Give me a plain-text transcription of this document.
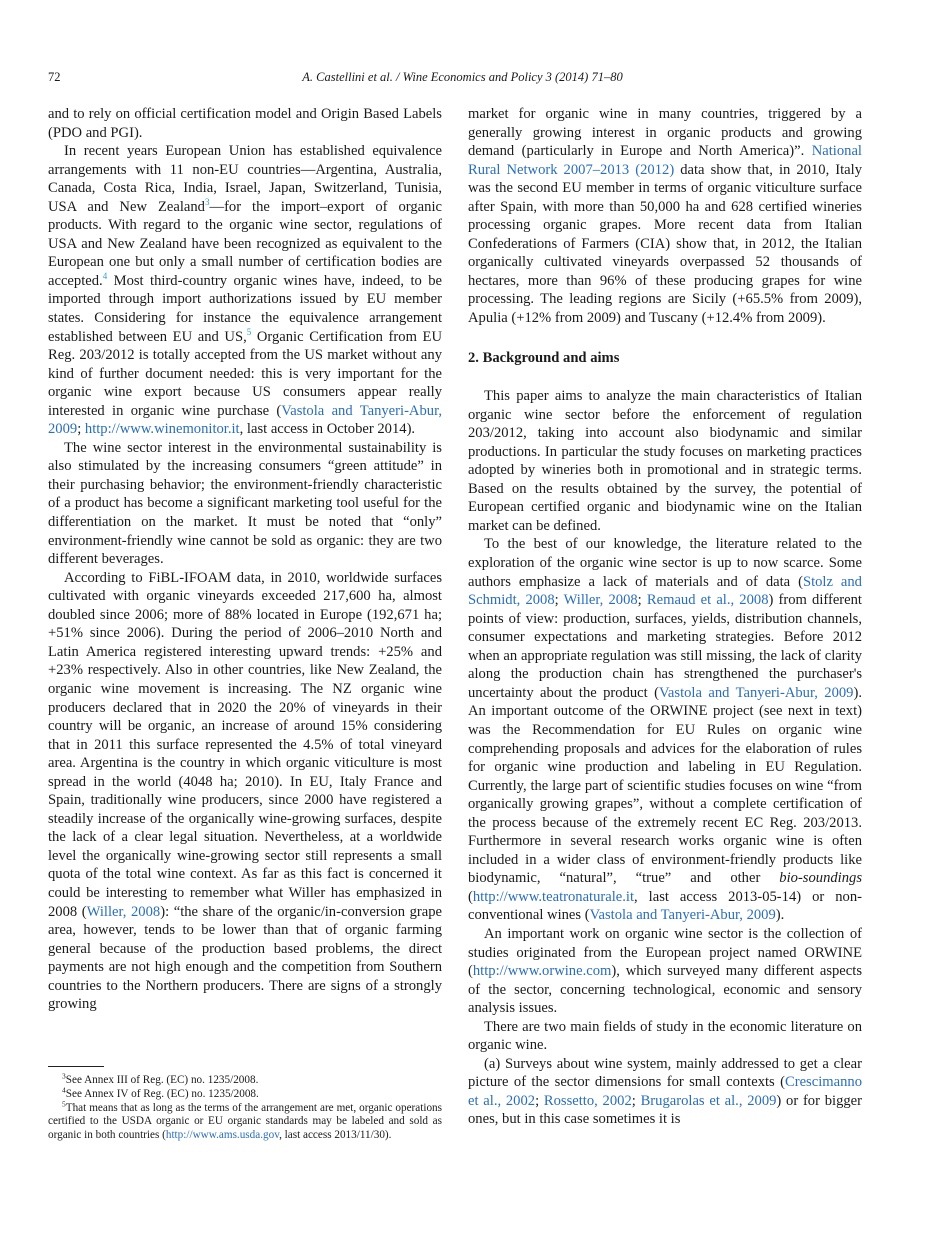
72	A. Castellini et al. / Wine Economics and Policy 3 (2014) 71–80

and to rely on official certification model and Origin Based Labels (PDO and PGI).

In recent years European Union has established equivalence arrangements with 11 non-EU countries—Argentina, Australia, Canada, Costa Rica, India, Israel, Japan, Switzerland, Tunisia, USA and New Zealand$^3$—for the import–export of organic products. With regard to the organic wine sector, regulations of USA and New Zealand have been recognized as equivalent to the European one but only a small number of certification bodies are accepted.$^4$ Most third-country organic wines have, indeed, to be imported through import authorizations issued by EU member states. Considering for instance the equivalence arrangement established between EU and US,$^5$ Organic Certification from EU Reg. 203/2012 is totally accepted from the US market without any kind of further document needed: this is very important for the organic wine export because US consumers appear really interested in organic wine purchase (Vastola and Tanyeri-Abur, 2009; http://www.winemonitor.it, last access in October 2014).

The wine sector interest in the environmental sustainability is also stimulated by the increasing consumers “green attitude” in their purchasing behavior; the environment-friendly characteristic of a product has become a significant marketing tool useful for the differentiation on the market. It must be noted that “only” environment-friendly wine cannot be sold as organic: they are two different beverages.

According to FiBL-IFOAM data, in 2010, worldwide surfaces cultivated with organic vineyards exceeded 217,600 ha, almost doubled since 2006; more of 88% located in Europe (192,671 ha; +51% since 2006). During the period of 2006–2010 North and Latin America registered interesting upward trends: +25% and +23% respectively. Also in other countries, like New Zealand, the organic wine movement is increasing. The NZ organic wine producers declared that in 2020 the 20% of vineyards in their country will be organic, an increase of around 15% considering that in 2011 this surface represented the 4.5% of total vineyard area. Argentina is the country in which organic viticulture is most spread in the world (4048 ha; 2010). In EU, Italy France and Spain, traditionally wine producers, since 2000 have registered a steadily increase of the organically wine-growing surfaces, despite the lack of a clear legal situation. Nevertheless, at a worldwide level the organically wine-growing sector still represents a small quota of the total wine context. As far as this fact is concerned it could be interesting to remember what Willer has emphasized in 2008 (Willer, 2008): “the share of the organic/in-conversion grape area, however, tends to be lower than that of organic farming general because of the production based problems, the direct payments are not high enough and the competition from Southern countries to the Northern producers. There are signs of a strongly growing

market for organic wine in many countries, triggered by a generally growing interest in organic products and growing demand (particularly in Europe and North America)”. National Rural Network 2007–2013 (2012) data show that, in 2010, Italy was the second EU member in terms of organic viticulture surface after Spain, with more than 50,000 ha and 628 certified wineries processing organic grapes. More recent data from Italian Confederations of Farmers (CIA) show that, in 2012, the Italian organically cultivated vineyards overpassed 52 thousands of hectares, more than 96% of these producing grapes for wine processing. The leading regions are Sicily (+65.5% from 2009), Apulia (+12% from 2009) and Tuscany (+12.4% from 2009).

2. Background and aims

This paper aims to analyze the main characteristics of Italian organic wine sector before the enforcement of regulation 203/2012, taking into account also biodynamic and similar productions. In particular the study focuses on marketing practices adopted by wineries both in promotional and in strategic terms. Based on the results obtained by the survey, the potential of European certified organic and biodynamic wine on the Italian market can be defined.

To the best of our knowledge, the literature related to the exploration of the organic wine sector is up to now scarce. Some authors emphasize a lack of materials and of data (Stolz and Schmidt, 2008; Willer, 2008; Remaud et al., 2008) from different points of view: production, surfaces, yields, distribution channels, consumer expectations and marketing strategies. Before 2012 when an appropriate regulation was still missing, the lack of clarity along the production chain has strengthened the purchaser's uncertainty about the product (Vastola and Tanyeri-Abur, 2009). An important outcome of the ORWINE project (see next in text) was the Recommendation for EU Rules on organic wine comprehending proposals and advices for the elaboration of rules for organic wine production and labeling in EU Regulation. Currently, the large part of scientific studies focuses on wine “from organically growing grapes”, without a complete certification of the process because of the extremely recent EC Reg. 203/2013. Furthermore in several research works organic wine is often included in a wider class of environment-friendly products like biodynamic, “natural”, “true” and other bio-soundings (http://www.teatronaturale.it, last access 2013-05-14) or non-conventional wines (Vastola and Tanyeri-Abur, 2009).

An important work on organic wine sector is the collection of studies originated from the European project named ORWINE (http://www.orwine.com), which surveyed many different aspects of the sector, concerning technological, economic and sensory analysis issues.

There are two main fields of study in the economic literature on organic wine.

(a) Surveys about wine system, mainly addressed to get a clear picture of the sector dimensions for small contexts (Crescimanno et al., 2002; Rossetto, 2002; Brugarolas et al., 2009) or for bigger ones, but in this case sometimes it is

$^3$See Annex III of Reg. (EC) no. 1235/2008.

$^4$See Annex IV of Reg. (EC) no. 1235/2008.

$^5$That means that as long as the terms of the arrangement are met, organic operations certified to the USDA organic or EU organic standards may be labeled and sold as organic in both countries (http://www.ams.usda.gov, last access 2013/11/30).
